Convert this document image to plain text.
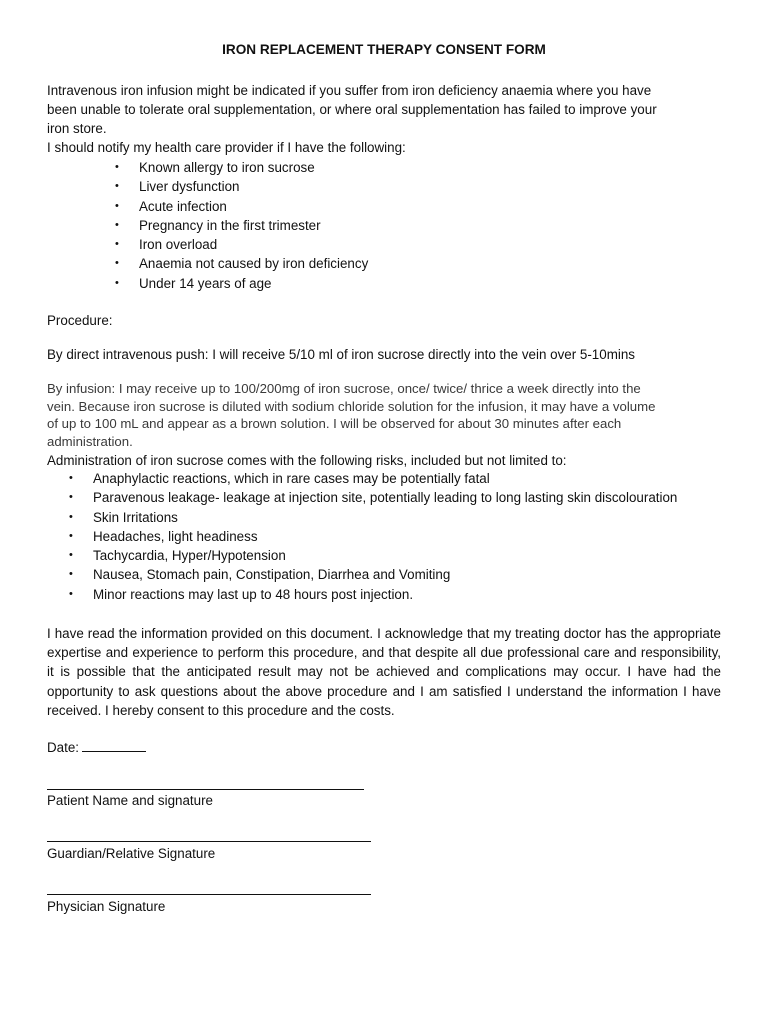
IRON REPLACEMENT THERAPY CONSENT FORM
Intravenous iron infusion might be indicated if you suffer from iron deficiency anaemia where you have
been unable to tolerate oral supplementation, or where oral supplementation has failed to improve your
iron store.
I should notify my health care provider if I have the following:
• Known allergy to iron sucrose
• Liver dysfunction
• Acute infection
• Pregnancy in the first trimester
• Iron overload
• Anaemia not caused by iron deficiency
• Under 14 years of age
Procedure:
By direct intravenous push: I will receive 5/10 ml of iron sucrose directly into the vein over 5-10mins
By infusion: I may receive up to 100/200mg of iron sucrose, once/ twice/ thrice a week directly into the
vein. Because iron sucrose is diluted with sodium chloride solution for the infusion, it may have a volume
of up to 100 mL and appear as a brown solution. I will be observed for about 30 minutes after each
administration.
Administration of iron sucrose comes with the following risks, included but not limited to:
• Anaphylactic reactions, which in rare cases may be potentially fatal
• Paravenous leakage- leakage at injection site, potentially leading to long lasting skin discolouration
• Skin Irritations
• Headaches, light headiness
• Tachycardia, Hyper/Hypotension
• Nausea, Stomach pain, Constipation, Diarrhea and Vomiting
• Minor reactions may last up to 48 hours post injection.
I have read the information provided on this document. I acknowledge that my treating doctor has the appropriate expertise and experience to perform this procedure, and that despite all due professional care and responsibility, it is possible that the anticipated result may not be achieved and complications may occur. I have had the opportunity to ask questions about the above procedure and I am satisfied I understand the information I have received. I hereby consent to this procedure and the costs.
Date:
Patient Name and signature
Guardian/Relative Signature
Physician Signature
